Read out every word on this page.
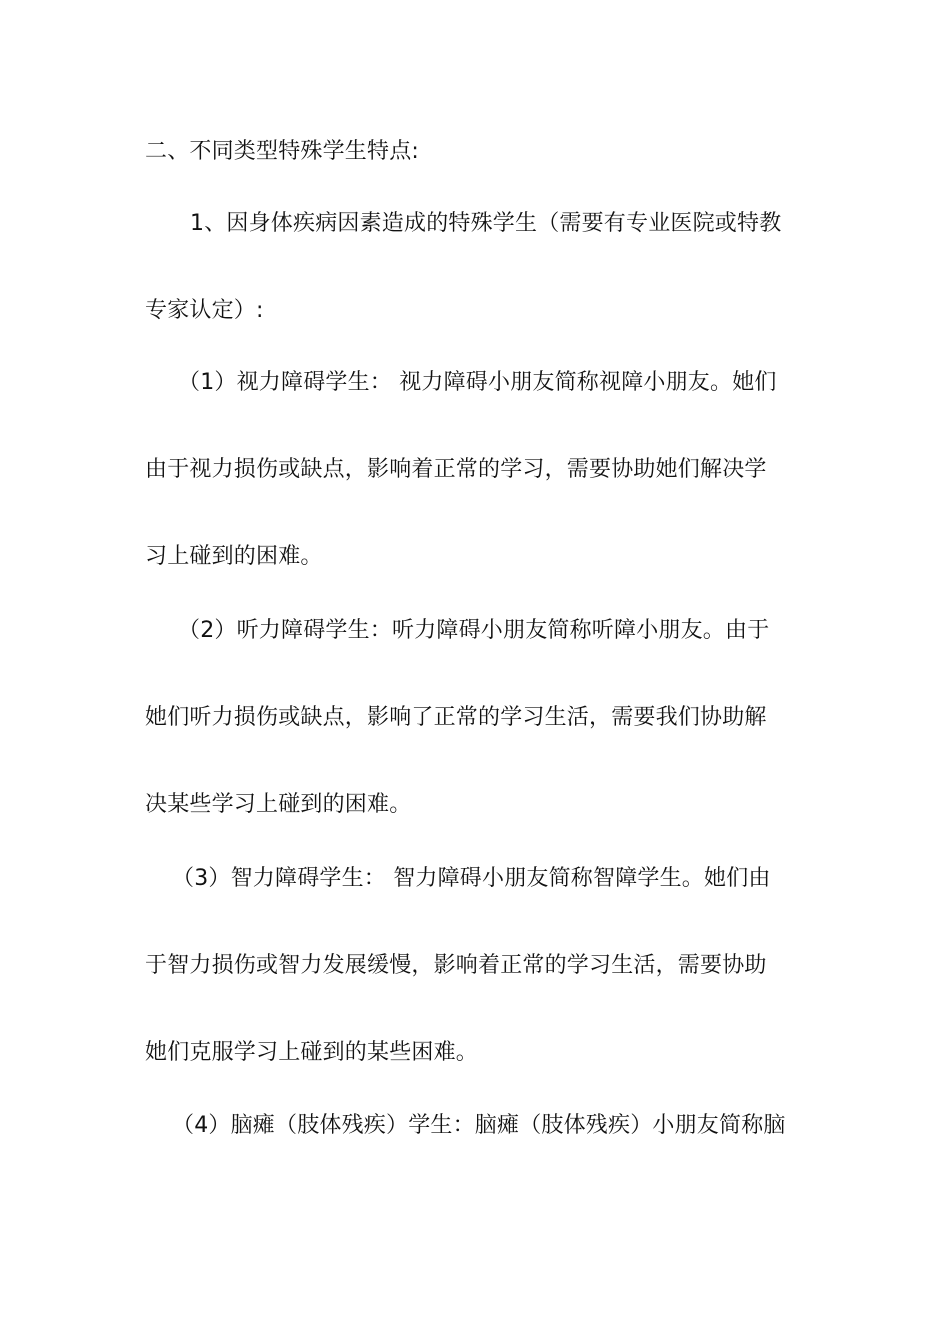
二、不同类型特殊学生特点:
1、因身体疾病因素造成的特殊学生（需要有专业医院或特教
专家认定）:
（1）视力障碍学生： 视力障碍小朋友简称视障小朋友。她们
由于视力损伤或缺点，影响着正常的学习，需要协助她们解决学
习上碰到的困难。
（2）听力障碍学生：听力障碍小朋友简称听障小朋友。由于
她们听力损伤或缺点，影响了正常的学习生活，需要我们协助解
决某些学习上碰到的困难。
（3）智力障碍学生： 智力障碍小朋友简称智障学生。她们由
于智力损伤或智力发展缓慢，影响着正常的学习生活，需要协助
她们克服学习上碰到的某些困难。
（4）脑瘫（肢体残疾）学生：脑瘫（肢体残疾）小朋友简称脑
